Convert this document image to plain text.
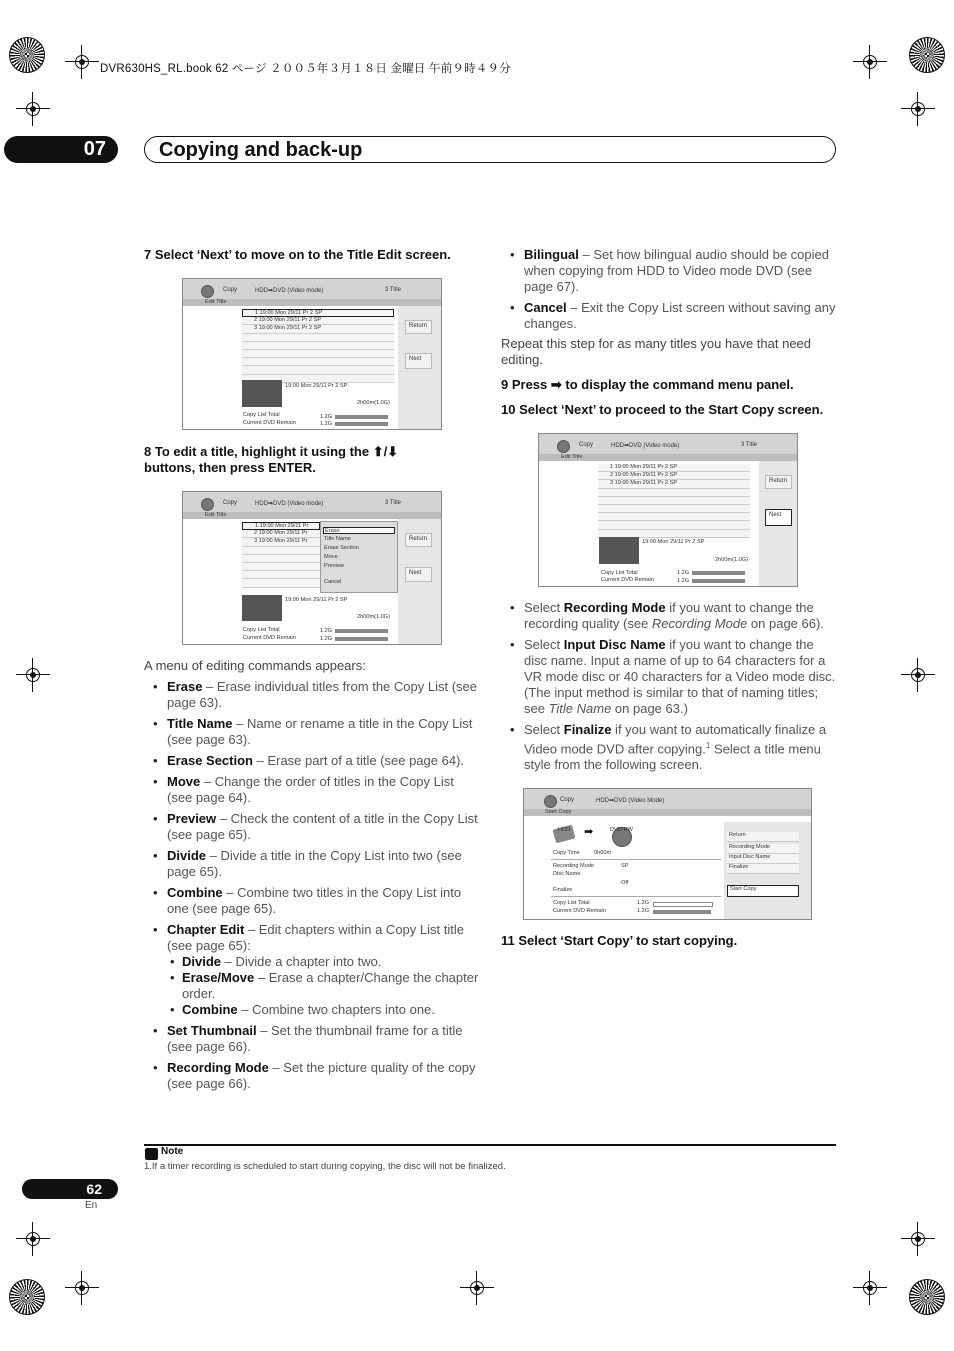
DVR630HS_RL.book 62 ページ ２００５年３月１８日 金曜日 午前９時４９分
07	Copying and back-up
7 Select ‘Next’ to move on to the Title Edit screen.
Copy	HDD➡DVD (Video mode)	3 Title
Edit Title
1 19:00 Mon 29/11 Pr 2 SP
2 19:00 Mon 29/11 Pr 2 SP
3 19:00 Mon 29/11 Pr 2 SP	Return
Next
19:00 Mon 29/11 Pr 2 SP
2h00m(1.0G)
Copy List Total
Current DVD Remain
1.2G
1.2G
8 To edit a title, highlight it using the ⬆/⬇
buttons, then press ENTER.
Copy	HDD➡DVD (Video mode)	3 Title
Edit Title
1 19:00 Mon 29/11 Pr
2 19:00 Mon 29/11 Pr
3 19:00 Mon 29/11 Pr
Erase
Title Name
Erase Section
Move
Preview
Cancel
Return
Next
19:00 Mon 29/11 Pr 2 SP
2h00m(1.0G)
Copy List Total
Current DVD Remain
1.2G
1.2G
A menu of editing commands appears:
• Erase – Erase individual titles from the Copy List (see page 63).
• Title Name – Name or rename a title in the Copy List (see page 63).
• Erase Section – Erase part of a title (see page 64).
• Move – Change the order of titles in the Copy List (see page 64).
• Preview – Check the content of a title in the Copy List (see page 65).
• Divide – Divide a title in the Copy List into two (see page 65).
• Combine – Combine two titles in the Copy List into one (see page 65).
• Chapter Edit – Edit chapters within a Copy List title (see page 65):
• Divide – Divide a chapter into two.
• Erase/Move – Erase a chapter/Change the chapter order.
• Combine – Combine two chapters into one.
• Set Thumbnail – Set the thumbnail frame for a title (see page 66).
• Recording Mode – Set the picture quality of the copy (see page 66).
• Bilingual – Set how bilingual audio should be copied when copying from HDD to Video mode DVD (see page 67).
• Cancel – Exit the Copy List screen without saving any changes.
Repeat this step for as many titles you have that need editing.
9 Press ➡ to display the command menu panel.
10 Select ‘Next’ to proceed to the Start Copy screen.
Copy	HDD➡DVD (Video mode)	3 Title
Edit Title
1 19:00 Mon 29/11 Pr 2 SP
2 19:00 Mon 29/11 Pr 2 SP
3 19:00 Mon 29/11 Pr 2 SP	Return
Next
19:00 Mon 29/11 Pr 2 SP
2h00m(1.0G)
Copy List Total
Current DVD Remain
1.2G
1.2G
• Select Recording Mode if you want to change the recording quality (see Recording Mode on page 66).
• Select Input Disc Name if you want to change the disc name. Input a name of up to 64 characters for a VR mode disc or 40 characters for a Video mode disc. (The input method is similar to that of naming titles; see Title Name on page 63.)
• Select Finalize if you want to automatically finalize a Video mode DVD after copying.$^1$ Select a title menu style from the following screen.
Copy	HDD➡DVD (Video Mode)
Start Copy
HDD ➡	DVD-RW
Copy Time	0h00m
Recording Mode	SP
Disc Name
Off
Finalize
Copy List Total
Current DVD Remain
1.2G
1.2G
Return
Recording Mode
Input Disc Name
Finalize
Start Copy
11 Select ‘Start Copy’ to start copying.
Note
1.If a timer recording is scheduled to start during copying, the disc will not be finalized.
62
En
